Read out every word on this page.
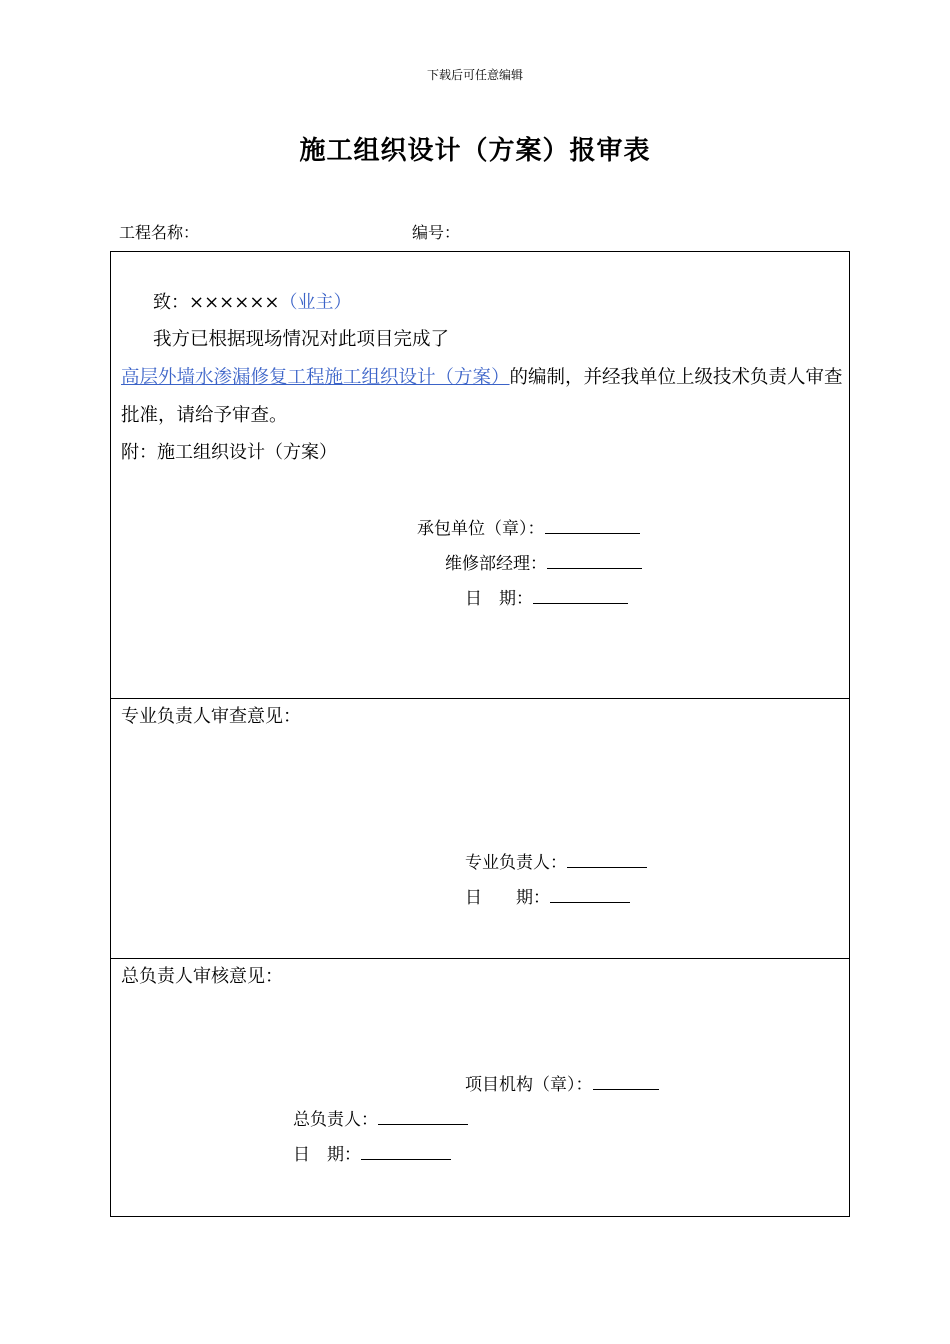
下载后可任意编辑
施工组织设计（方案）报审表
工程名称：	编号：
致：××××××（业主）
我方已根据现场情况对此项目完成了 高层外墙水渗漏修复工程施工组织设计（方案）的编制，并经我单位上级技术负责人审查批准，请给予审查。
附：施工组织设计（方案）
承包单位（章）：
维修部经理：
日　期：
专业负责人审查意见：
专业负责人：
日　　期：
总负责人审核意见：
项目机构（章）：
总负责人：
日　期：
